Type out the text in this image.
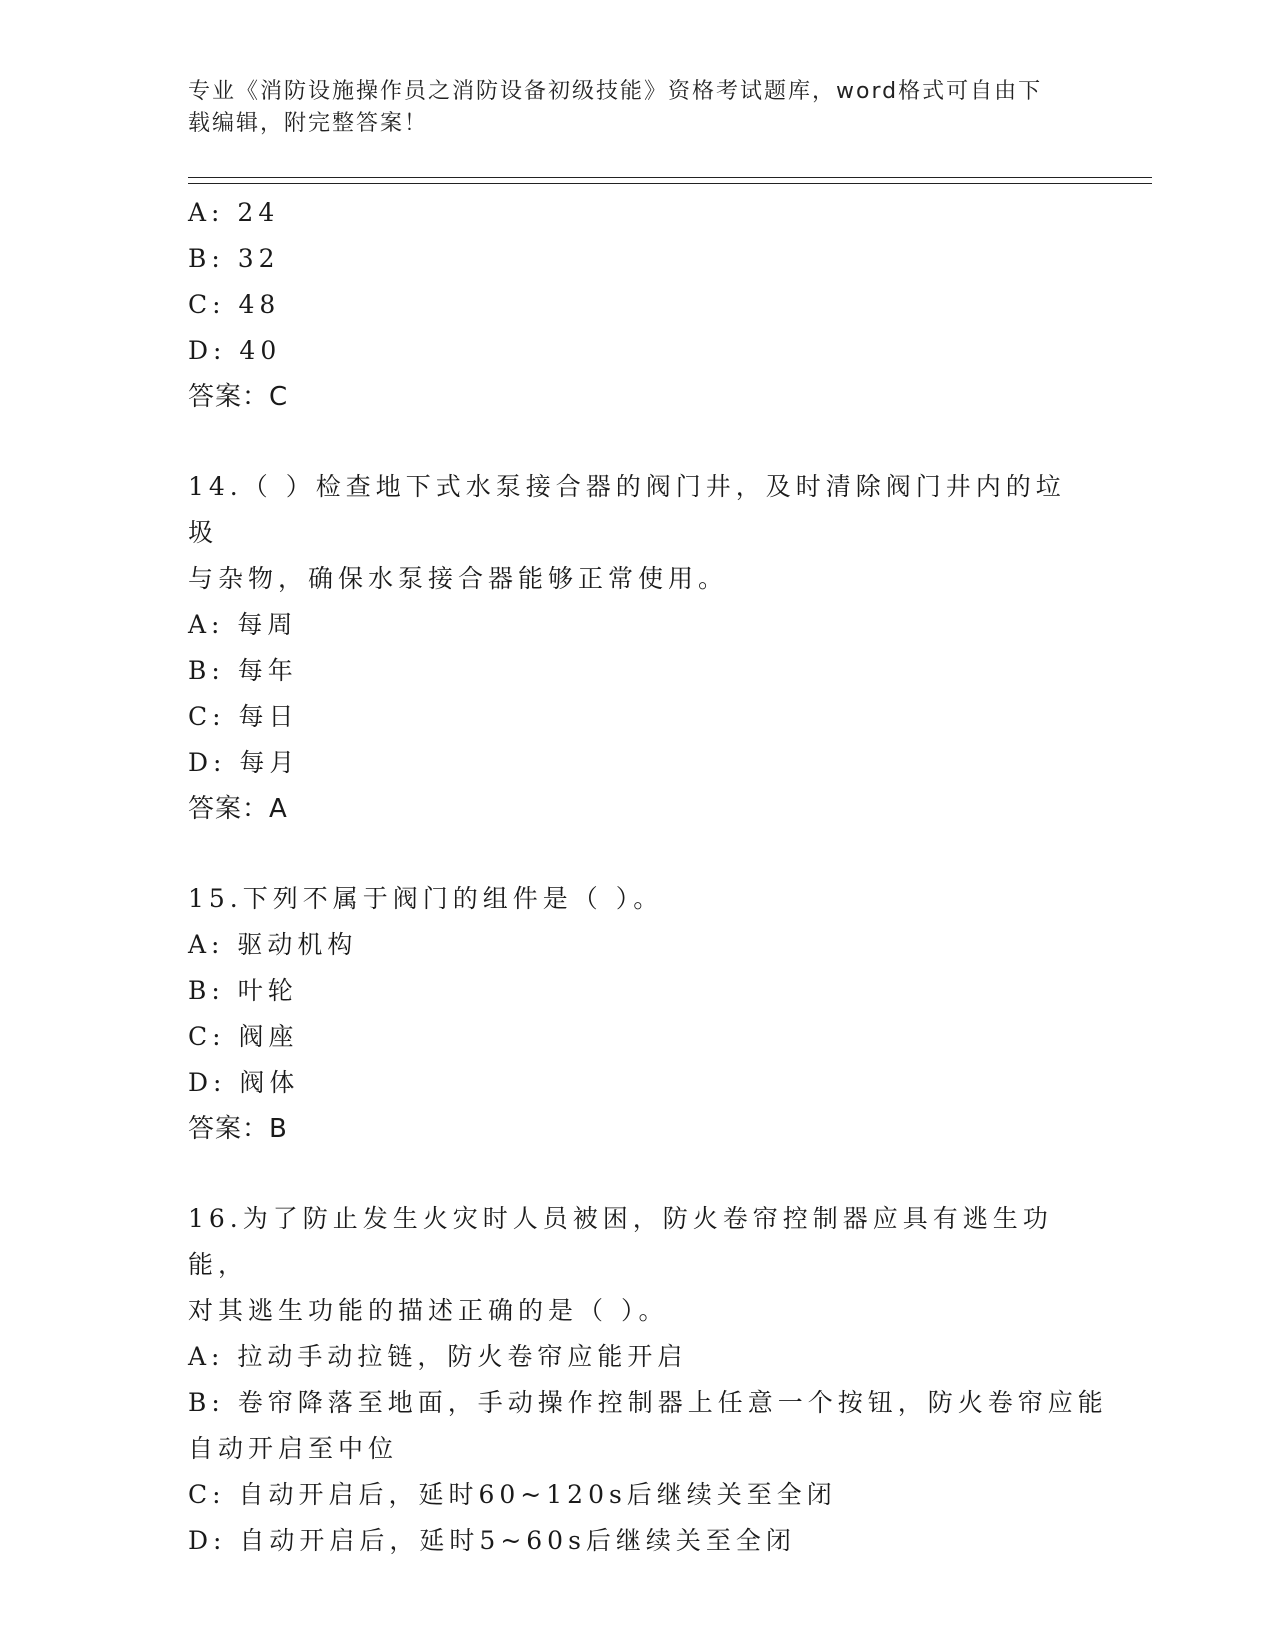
专业《消防设施操作员之消防设备初级技能》资格考试题库，word格式可自由下
载编辑，附完整答案！
A: 24
B: 32
C: 48
D: 40
答案：C
14.（ ）检查地下式水泵接合器的阀门井，及时清除阀门井内的垃圾
与杂物，确保水泵接合器能够正常使用。
A: 每周
B: 每年
C: 每日
D: 每月
答案：A
15.下列不属于阀门的组件是（ ）。
A: 驱动机构
B: 叶轮
C: 阀座
D: 阀体
答案：B
16.为了防止发生火灾时人员被困，防火卷帘控制器应具有逃生功能，
对其逃生功能的描述正确的是（ ）。
A: 拉动手动拉链，防火卷帘应能开启
B: 卷帘降落至地面，手动操作控制器上任意一个按钮，防火卷帘应能
自动开启至中位
C: 自动开启后，延时60~120s后继续关至全闭
D: 自动开启后，延时5~60s后继续关至全闭
